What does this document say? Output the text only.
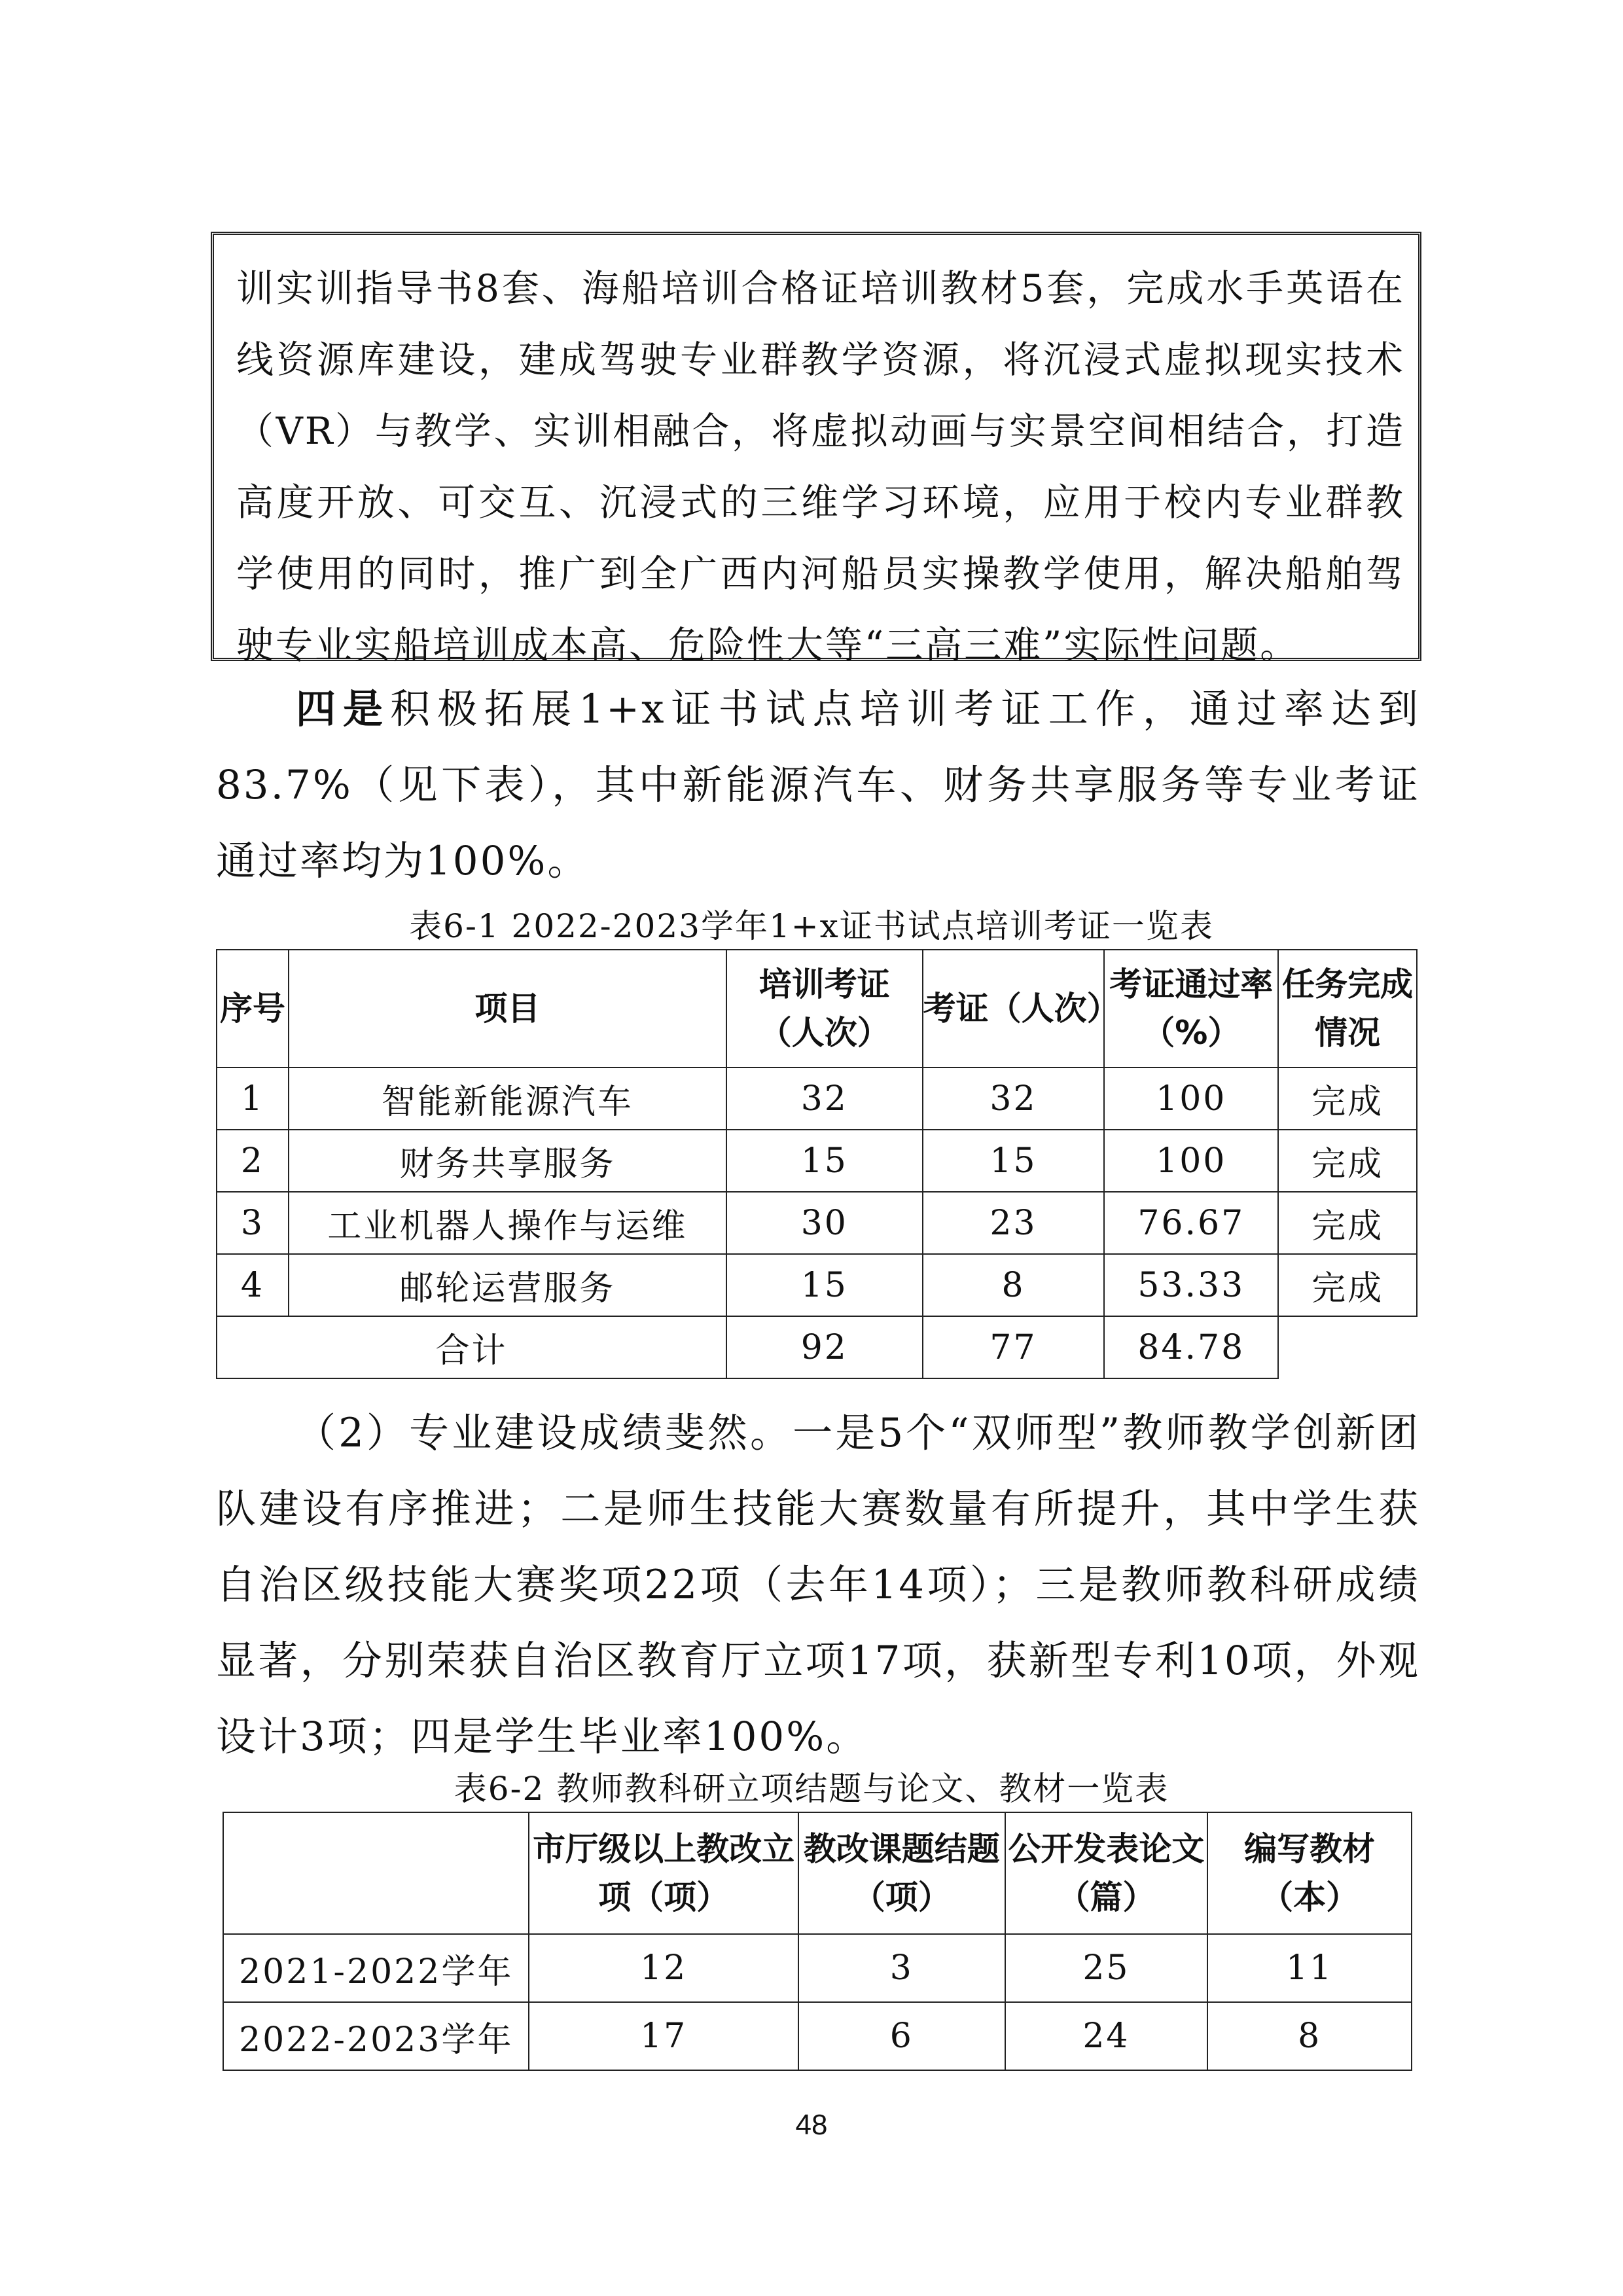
训实训指导书8套、海船培训合格证培训教材5套，完成水手英语在线资源库建设，建成驾驶专业群教学资源，将沉浸式虚拟现实技术（VR）与教学、实训相融合，将虚拟动画与实景空间相结合，打造高度开放、可交互、沉浸式的三维学习环境，应用于校内专业群教学使用的同时，推广到全广西内河船员实操教学使用，解决船舶驾驶专业实船培训成本高、危险性大等“三高三难”实际性问题。
四是积极拓展1+x证书试点培训考证工作，通过率达到83.7%（见下表），其中新能源汽车、财务共享服务等专业考证通过率均为100%。
表6-1 2022-2023学年1+x证书试点培训考证一览表
序号	项目	培训考证（人次）	考证（人次）	考证通过率（%）	任务完成情况
1	智能新能源汽车	32	32	100	完成
2	财务共享服务	15	15	100	完成
3	工业机器人操作与运维	30	23	76.67	完成
4	邮轮运营服务	15	8	53.33	完成
合计		92	77	84.78	
（2）专业建设成绩斐然。一是5个“双师型”教师教学创新团队建设有序推进；二是师生技能大赛数量有所提升，其中学生获自治区级技能大赛奖项22项（去年14项）；三是教师教科研成绩显著，分别荣获自治区教育厅立项17项，获新型专利10项，外观设计3项；四是学生毕业率100%。
表6-2 教师教科研立项结题与论文、教材一览表
	市厅级以上教改立项（项）	教改课题结题（项）	公开发表论文（篇）	编写教材（本）
2021-2022学年	12	3	25	11
2022-2023学年	17	6	24	8
48
